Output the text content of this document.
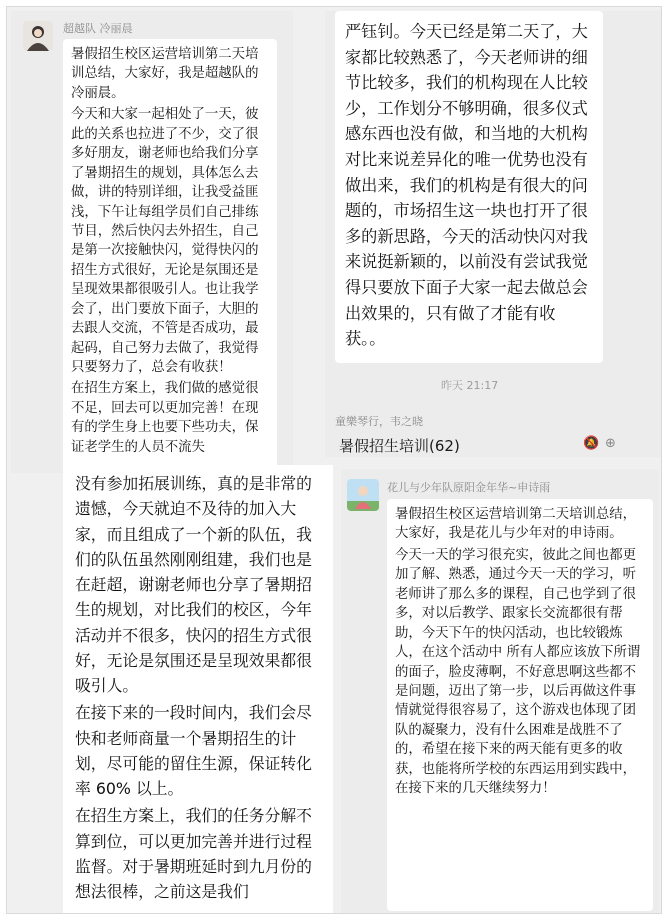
超越队 冷丽晨

暑假招生校区运营培训第二天培训总结，大家好，我是超越队的冷丽晨。

今天和大家一起相处了一天，彼此的关系也拉进了不少，交了很多好朋友，谢老师也给我们分享了暑期招生的规划，具体怎么去做，讲的特别详细，让我受益匪浅，下午让每组学员们自己排练节目，然后快闪去外招生，自己是第一次接触快闪，觉得快闪的招生方式很好，无论是氛围还是呈现效果都很吸引人。也让我学会了，出门要放下面子，大胆的去跟人交流，不管是否成功，最起码，自己努力去做了，我觉得只要努力了，总会有收获！

在招生方案上，我们做的感觉很不足，回去可以更加完善！在现有的学生身上也要下些功夫，保证老学生的人员不流失

严钰钊。今天已经是第二天了，大家都比较熟悉了，今天老师讲的细节比较多，我们的机构现在人比较少，工作划分不够明确，很多仪式感东西也没有做，和当地的大机构对比来说差异化的唯一优势也没有做出来，我们的机构是有很大的问题的，市场招生这一块也打开了很多的新思路，今天的活动快闪对我来说挺新颖的，以前没有尝试我觉得只要放下面子大家一起去做总会出效果的，只有做了才能有收获。。
昨天 21:17
童樂琴行，韦之晓
暑假招生培训(62)	🔕 ⊕

没有参加拓展训练，真的是非常的遗憾，今天就迫不及待的加入大家，而且组成了一个新的队伍，我们的队伍虽然刚刚组建，我们也是在赶超，谢谢老师也分享了暑期招生的规划，对比我们的校区，今年活动并不很多，快闪的招生方式很好，无论是氛围还是呈现效果都很吸引人。

在接下来的一段时间内，我们会尽快和老师商量一个暑期招生的计划，尽可能的留住生源，保证转化率 60% 以上。

在招生方案上，我们的任务分解不算到位，可以更加完善并进行过程监督。对于暑期班延时到九月份的想法很棒，之前这是我们

花儿与少年队原阳金年华~申诗雨

暑假招生校区运营培训第二天培训总结，大家好，我是花儿与少年对的申诗雨。

今天一天的学习很充实，彼此之间也都更加了解、熟悉，通过今天一天的学习，听老师讲了那么多的课程，自己也学到了很多，对以后教学、跟家长交流都很有帮助，今天下午的快闪活动，也比较锻炼人，在这个活动中 所有人都应该放下所谓的面子，脸皮薄啊，不好意思啊这些都不是问题，迈出了第一步，以后再做这件事情就觉得很容易了，这个游戏也体现了团队的凝聚力，没有什么困难是战胜不了的，希望在接下来的两天能有更多的收获，也能将所学校的东西运用到实践中，在接下来的几天继续努力！
